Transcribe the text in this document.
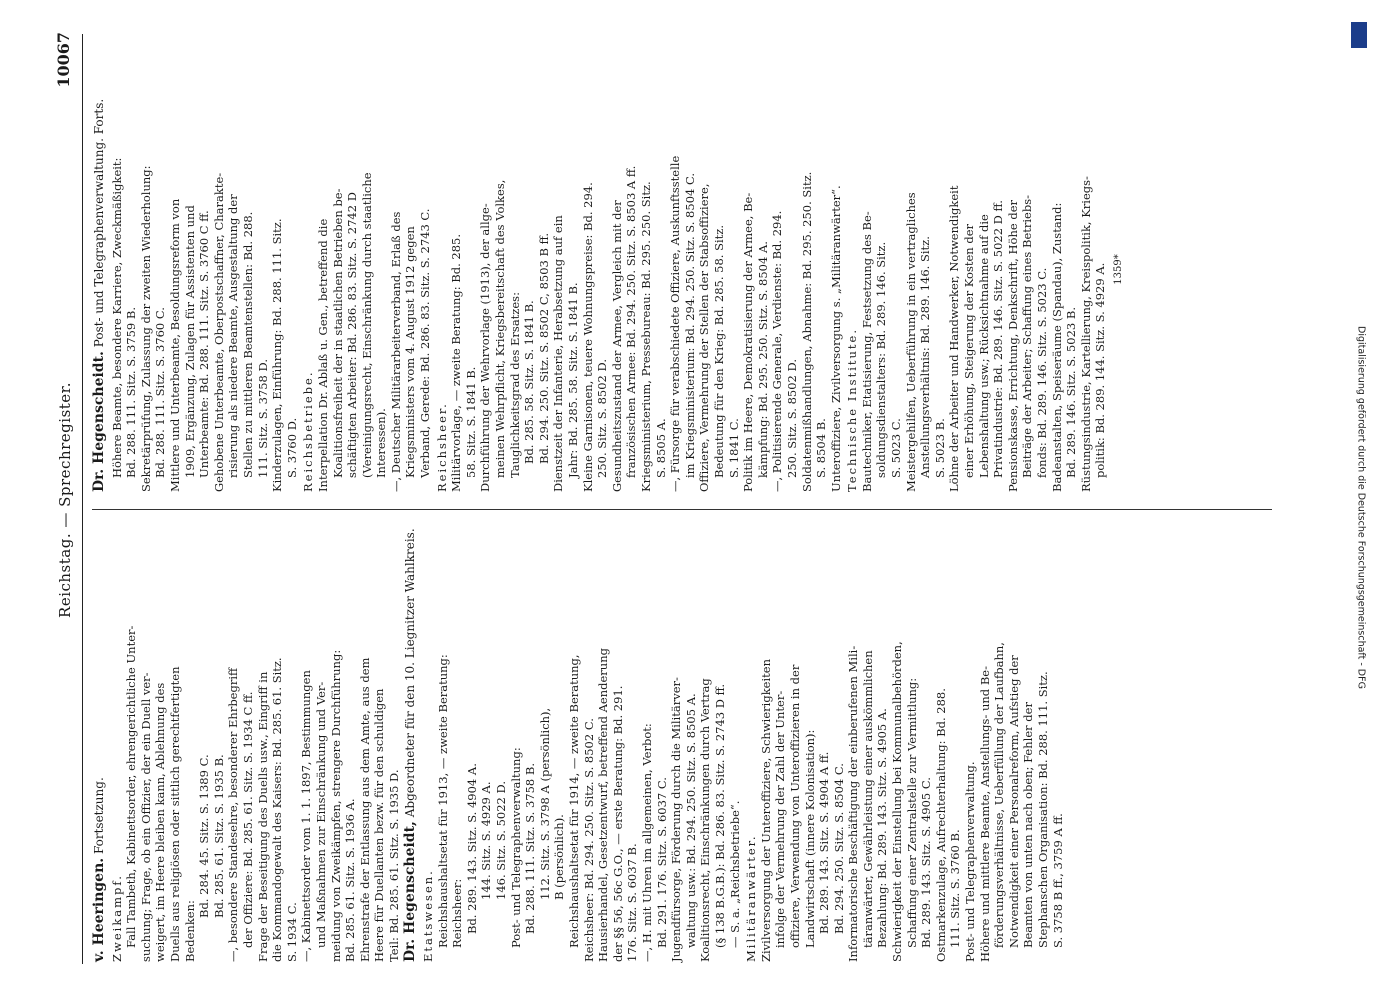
Reichstag. — Sprechregister.
10067
v. Heeringen. Fortsetzung.
Zweikampf. Fall Tambeth, Kabinettsorder, ehrengerichtliche Unter- suchung; Frage, ob ein Offizier, der ein Duell ver- weigert, im Heere bleiben kann, Ablehnung des Duells aus religiösen oder sittlich gerechtfertigten Bedenken:
Bd. 284. 45. Sitz. S. 1389 C. Bd. 285. 61. Sitz. S. 1935 B. —, besondere Standesehre, besonderer Ehrbegriff der Offiziere: Bd. 285. 61. Sitz. S. 1934 C ff. Frage der Beseitigung des Duells usw., Eingriff in die Kommandogewalt des Kaisers: Bd. 285. 61. Sitz. S. 1934 C. —, Kabinettsorder vom 1. 1. 1897, Bestimmungen und Maßnahmen zur Einschränkung und Ver- meidung von Zweikämpfen, strengere Durchführung: Bd. 285. 61. Sitz. S. 1936 A. Ehrenstrafe der Entlassung aus dem Amte, aus dem Heere für Duellanten bezw. für den schuldigen Teil: Bd. 285. 61. Sitz. S. 1935 D. Dr. Hegenscheidt, Abgeordneter für den 10. Liegnitzer Wahlkreis.
Etatswesen. Reichshaushaltsetat für 1913, — zweite Beratung: Reichsheer: Bd. 289. 143. Sitz. S. 4904 A. 144. Sitz. S. 4929 A. 146. Sitz. S. 5022 D. Post- und Telegraphenverwaltung: Bd. 288. 111. Sitz. S. 3758 B. 112. Sitz. S. 3798 A (persönlich), B (persönlich). Reichshaushaltsetat für 1914, — zweite Beratung, Reichsheer: Bd. 294. 250. Sitz. S. 8502 C. Hausierhandel, Gesetzentwurf, betreffend Aenderung der §§ 56, 56c G.O., — erste Beratung: Bd. 291. 176. Sitz. S. 6037 B. —, H. mit Uhren im allgemeinen, Verbot: Bd. 291. 176. Sitz. S. 6037 C. Jugendfürsorge, Förderung durch die Militärver- waltung usw.: Bd. 294. 250. Sitz. S. 8505 A. Koalitionsrecht, Einschränkungen durch Vertrag (§ 138 B.G.B.): Bd. 286. 83. Sitz. S. 2743 D ff. — S. a. „Reichsbetriebe“. Militäranwärter. Zivilversorgung der Unteroffiziere, Schwierigkeiten infolge der Vermehrung der Zahl der Unter- offiziere, Verwendung von Unteroffizieren in der Landwirtschaft (innere Kolonisation): Bd. 289. 143. Sitz. S. 4904 A ff. Bd. 294. 250. Sitz. S. 8504 C. Informatorische Beschäftigung der einberufenen Mili- täranwärter, Gewährleistung einer auskömmlichen Bezahlung: Bd. 289. 143. Sitz. S. 4905 A. Schwierigkeit der Einstellung bei Kommunalbehörden, Schaffung einer Zentralstelle zur Vermittlung: Bd. 289. 143. Sitz. S. 4905 C. Ostmarkenzulage, Aufrechterhaltung: Bd. 288. 111. Sitz. S. 3760 B. Post- und Telegraphenverwaltung. Höhere und mittlere Beamte, Anstellungs- und Be- förderungsverhältnisse, Ueberfüllung der Laufbahn, Notwendigkeit einer Personalreform, Aufstieg der Beamten von unten nach oben; Fehler der Stephanschen Organisation: Bd. 288. 111. Sitz. S. 3758 B ff., 3759 A ff.
Dr. Hegenscheidt. Post- und Telegraphenverwaltung. Forts. Höhere Beamte, besondere Karriere, Zweckmäßigkeit: Bd. 288. 111. Sitz. S. 3759 B. Sekretärprüfung, Zulassung der zweiten Wiederholung: Bd. 288. 111. Sitz. S. 3760 C. Mittlere und Unterbeamte, Besoldungsreform von 1909, Ergänzung, Zulagen für Assistenten und Unterbeamte: Bd. 288. 111. Sitz. S. 3760 C ff. Gehobene Unterbeamte, Oberpostschaffner, Charakte- risierung als niedere Beamte, Ausgestaltung der Stellen zu mittleren Beamtenstellen: Bd. 288. 111. Sitz. S. 3758 D. Kinderzulagen, Einführung: Bd. 288. 111. Sitz. S. 3760 D. Reichsbetriebe. Interpellation Dr. Ablaß u. Gen., betreffend die Koalitionsfreiheit der in staatlichen Betrieben be- schäftigten Arbeiter: Bd. 286. 83. Sitz. S. 2742 D (Vereinigungsrecht, Einschränkung durch staatliche Interessen). —, Deutscher Militärarbeiterverband, Erlaß des Kriegsministers vom 4. August 1912 gegen Verband, Gerede: Bd. 286. 83. Sitz. S. 2743 C. Reichsheer. Militärvorlage, — zweite Beratung: Bd. 285. 58. Sitz. S. 1841 B. Durchführung der Wehrvorlage (1913), der allge- meinen Wehrpflicht, Kriegsbereitschaft des Volkes, Tauglichkeitsgrad des Ersatzes: Bd. 285. 58. Sitz. S. 1841 B. Bd. 294. 250. Sitz. S. 8502 C, 8503 B ff. Dienstzeit der Infanterie, Herabsetzung auf ein Jahr: Bd. 285. 58. Sitz. S. 1841 B. Kleine Garnisonen, teuere Wohnungspreise: Bd. 294. 250. Sitz. S. 8502 D. Gesundheitszustand der Armee, Vergleich mit der französischen Armee: Bd. 294. 250. Sitz. S. 8503 A ff. Kriegsministerium, Pressebureau: Bd. 295. 250. Sitz. S. 8505 A. —, Fürsorge für verabschiedete Offiziere, Auskunftsstelle im Kriegsministerium: Bd. 294. 250. Sitz. S. 8504 C. Offiziere, Vermehrung der Stellen der Stabsoffiziere, Bedeutung für den Krieg: Bd. 285. 58. Sitz. S. 1841 C. Politik im Heere, Demokratisierung der Armee, Be- kämpfung: Bd. 295. 250. Sitz. S. 8504 A. —, Politisierende Generale, Verdienste: Bd. 294. 250. Sitz. S. 8502 D. Soldatenmißhandlungen, Abnahme: Bd. 295. 250. Sitz. S. 8504 B. Unteroffiziere, Zivilversorgung s. „Militäranwärter“. Technische Institute. Bautechniker, Etatisierung, Festsetzung des Be- soldungsdienstalters: Bd. 289. 146. Sitz. S. 5023 C. Meistergehilfen, Ueberführung in ein vertragliches Anstellungsverhältnis: Bd. 289. 146. Sitz. S. 5023 B. Löhne der Arbeiter und Handwerker, Notwendigkeit einer Erhöhung, Steigerung der Kosten der Lebenshaltung usw.; Rücksichtnahme auf die Privatindustrie: Bd. 289. 146. Sitz. S. 5022 D ff. Pensionskasse, Errichtung, Denkschrift, Höhe der Beiträge der Arbeiter; Schaffung eines Betriebs- fonds: Bd. 289. 146. Sitz. S. 5023 C. Badeanstalten, Speiseräume (Spandau), Zustand: Bd. 289. 146. Sitz. S. 5023 B. Rüstungsindustrie, Kartellierung, Kreispolitik, Kriegs- politik: Bd. 289. 144. Sitz. S. 4929 A. 1359*
Digitalisierung gefördert durch die Deutsche Forschungsgemeinschaft - DFG
